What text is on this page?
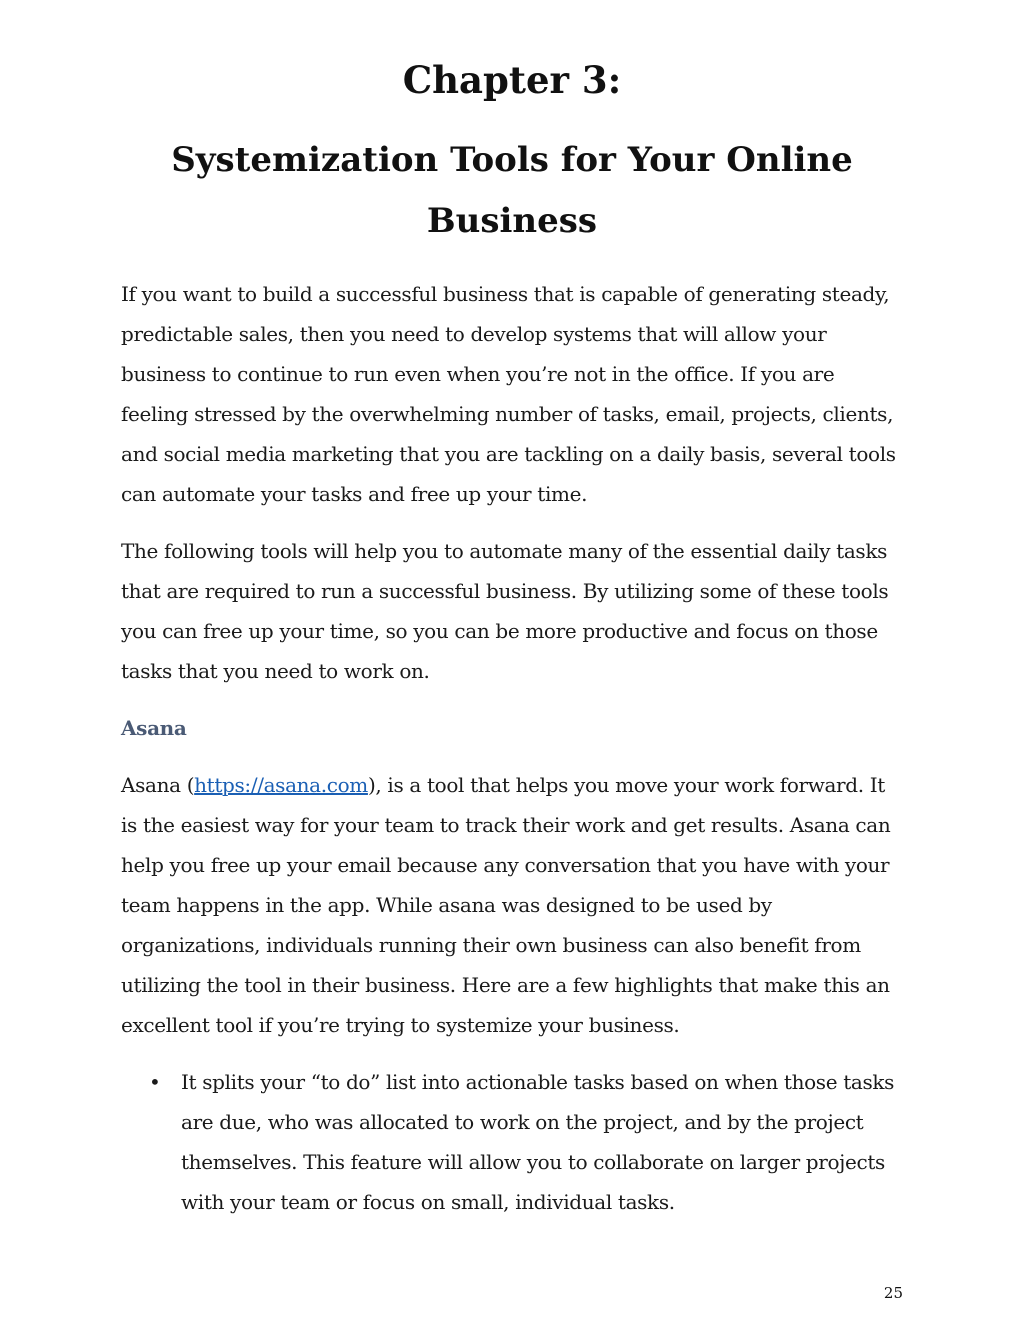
Chapter 3:
Systemization Tools for Your Online Business

If you want to build a successful business that is capable of generating steady, predictable sales, then you need to develop systems that will allow your business to continue to run even when you’re not in the office. If you are feeling stressed by the overwhelming number of tasks, email, projects, clients, and social media marketing that you are tackling on a daily basis, several tools can automate your tasks and free up your time.

The following tools will help you to automate many of the essential daily tasks that are required to run a successful business. By utilizing some of these tools you can free up your time, so you can be more productive and focus on those tasks that you need to work on.

Asana

Asana (https://asana.com), is a tool that helps you move your work forward. It is the easiest way for your team to track their work and get results. Asana can help you free up your email because any conversation that you have with your team happens in the app. While asana was designed to be used by organizations, individuals running their own business can also benefit from utilizing the tool in their business. Here are a few highlights that make this an excellent tool if you’re trying to systemize your business.

• It splits your “to do” list into actionable tasks based on when those tasks are due, who was allocated to work on the project, and by the project themselves. This feature will allow you to collaborate on larger projects with your team or focus on small, individual tasks.
25
